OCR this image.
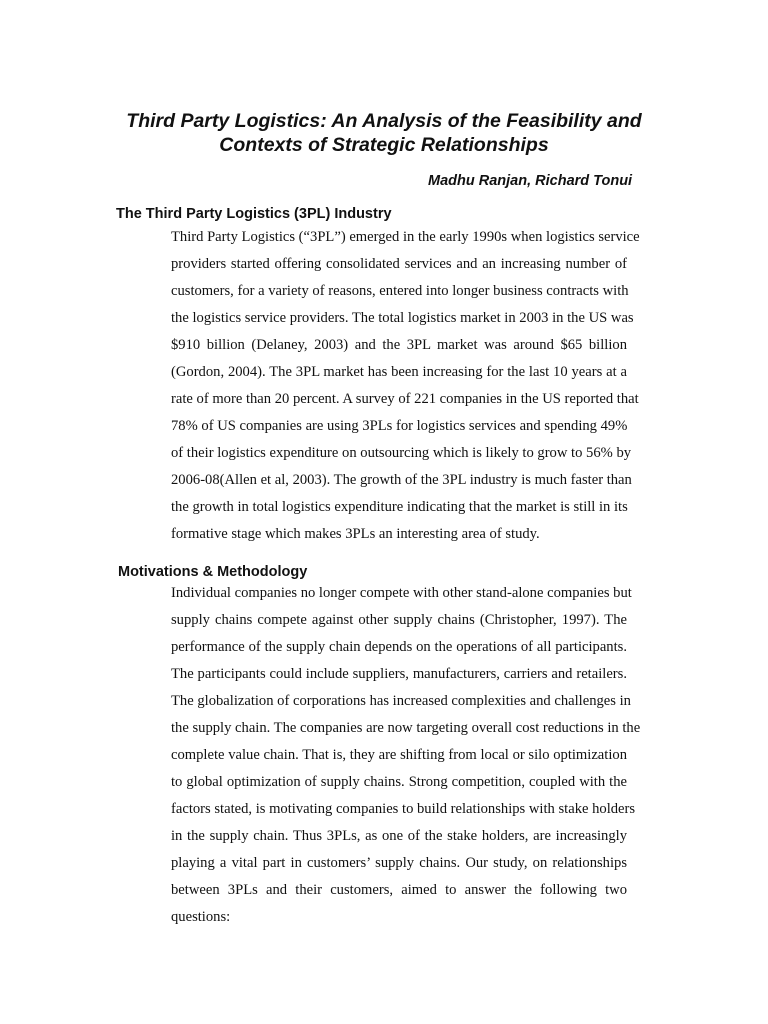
Third Party Logistics: An Analysis of the Feasibility and
Contexts of Strategic Relationships
Madhu Ranjan, Richard Tonui
The Third Party Logistics (3PL) Industry
Third Party Logistics (“3PL”) emerged in the early 1990s when logistics service
providers started offering consolidated services and an increasing number of
customers, for a variety of reasons, entered into longer business contracts with
the logistics service providers. The total logistics market in 2003 in the US was
$910 billion (Delaney, 2003) and the 3PL market was around $65 billion
(Gordon, 2004). The 3PL market has been increasing for the last 10 years at a
rate of more than 20 percent. A survey of 221 companies in the US reported that
78% of US companies are using 3PLs for logistics services and spending 49%
of their logistics expenditure on outsourcing which is likely to grow to 56% by
2006-08(Allen et al, 2003). The growth of the 3PL industry is much faster than
the growth in total logistics expenditure indicating that the market is still in its
formative stage which makes 3PLs an interesting area of study.
Motivations & Methodology
Individual companies no longer compete with other stand-alone companies but
supply chains compete against other supply chains (Christopher, 1997). The
performance of the supply chain depends on the operations of all participants.
The participants could include suppliers, manufacturers, carriers and retailers.
The globalization of corporations has increased complexities and challenges in
the supply chain. The companies are now targeting overall cost reductions in the
complete value chain. That is, they are shifting from local or silo optimization
to global optimization of supply chains. Strong competition, coupled with the
factors stated, is motivating companies to build relationships with stake holders
in the supply chain. Thus 3PLs, as one of the stake holders, are increasingly
playing a vital part in customers’ supply chains. Our study, on relationships
between 3PLs and their customers, aimed to answer the following two
questions:
